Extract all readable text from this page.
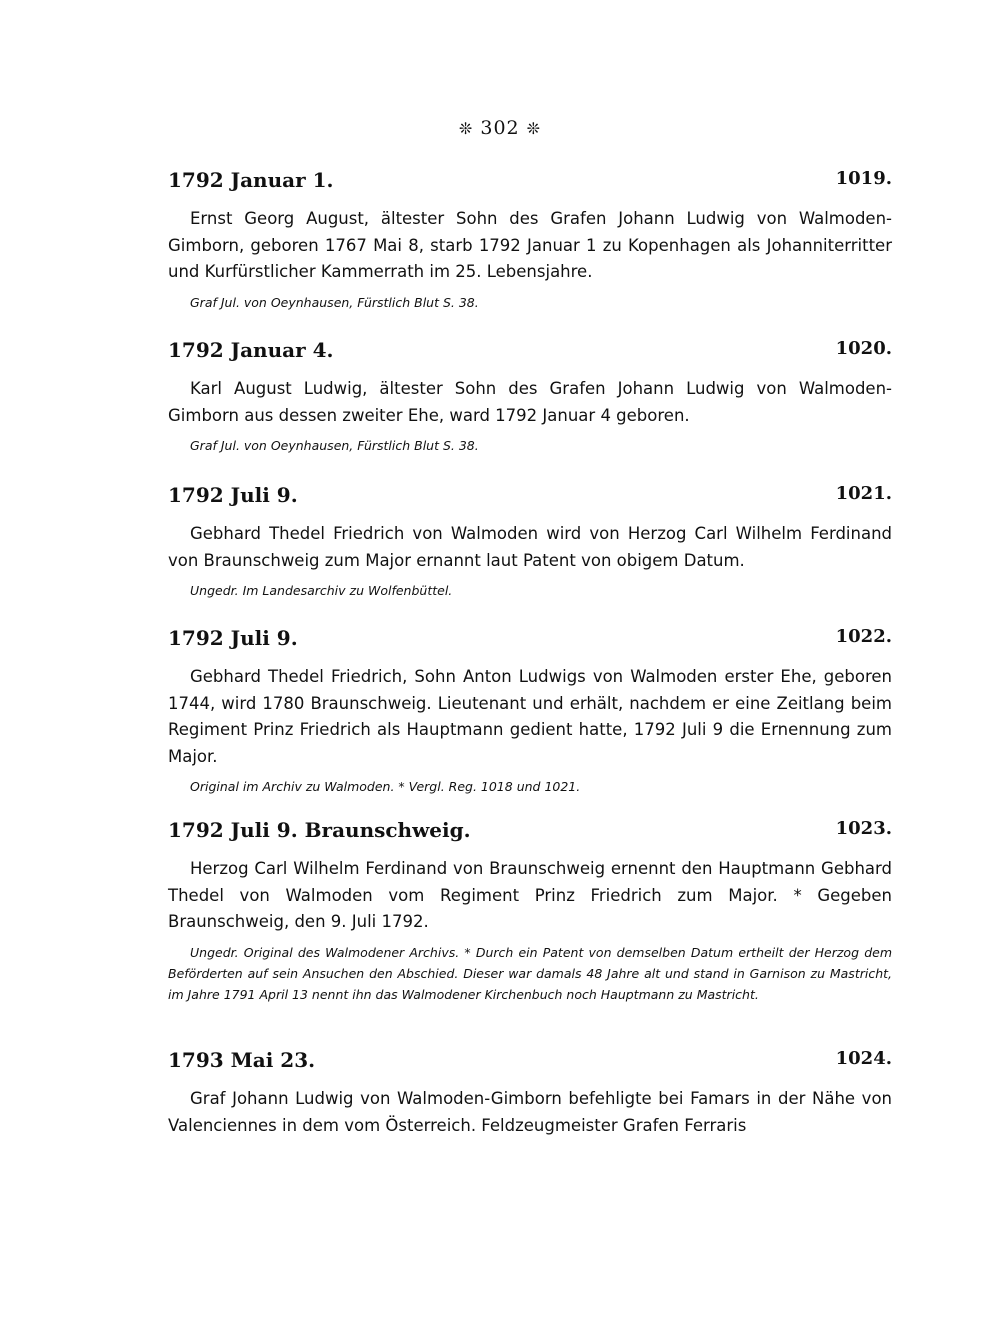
❊ 302 ❊
1792 Januar 1.	1019.

Ernst Georg August, ältester Sohn des Grafen Johann Ludwig von Walmoden-Gimborn, geboren 1767 Mai 8, starb 1792 Januar 1 zu Kopenhagen als Johanniterritter und Kurfürstlicher Kammerrath im 25. Lebensjahre.

Graf Jul. von Oeynhausen, Fürstlich Blut S. 38.

1792 Januar 4.	1020.

Karl August Ludwig, ältester Sohn des Grafen Johann Ludwig von Walmoden-Gimborn aus dessen zweiter Ehe, ward 1792 Januar 4 geboren.

Graf Jul. von Oeynhausen, Fürstlich Blut S. 38.

1792 Juli 9.	1021.

Gebhard Thedel Friedrich von Walmoden wird von Herzog Carl Wilhelm Ferdinand von Braunschweig zum Major ernannt laut Patent von obigem Datum.

Ungedr. Im Landesarchiv zu Wolfenbüttel.

1792 Juli 9.	1022.

Gebhard Thedel Friedrich, Sohn Anton Ludwigs von Walmoden erster Ehe, geboren 1744, wird 1780 Braunschweig. Lieutenant und erhält, nachdem er eine Zeitlang beim Regiment Prinz Friedrich als Hauptmann gedient hatte, 1792 Juli 9 die Ernennung zum Major.

Original im Archiv zu Walmoden. * Vergl. Reg. 1018 und 1021.

1792 Juli 9. Braunschweig.	1023.

Herzog Carl Wilhelm Ferdinand von Braunschweig ernennt den Hauptmann Gebhard Thedel von Walmoden vom Regiment Prinz Friedrich zum Major. * Gegeben Braunschweig, den 9. Juli 1792.

Ungedr. Original des Walmodener Archivs. * Durch ein Patent von demselben Datum ertheilt der Herzog dem Beförderten auf sein Ansuchen den Abschied. Dieser war damals 48 Jahre alt und stand in Garnison zu Mastricht, im Jahre 1791 April 13 nennt ihn das Walmodener Kirchenbuch noch Hauptmann zu Mastricht.

1793 Mai 23.	1024.

Graf Johann Ludwig von Walmoden-Gimborn befehligte bei Famars in der Nähe von Valenciennes in dem vom Österreich. Feldzeugmeister Grafen Ferraris
